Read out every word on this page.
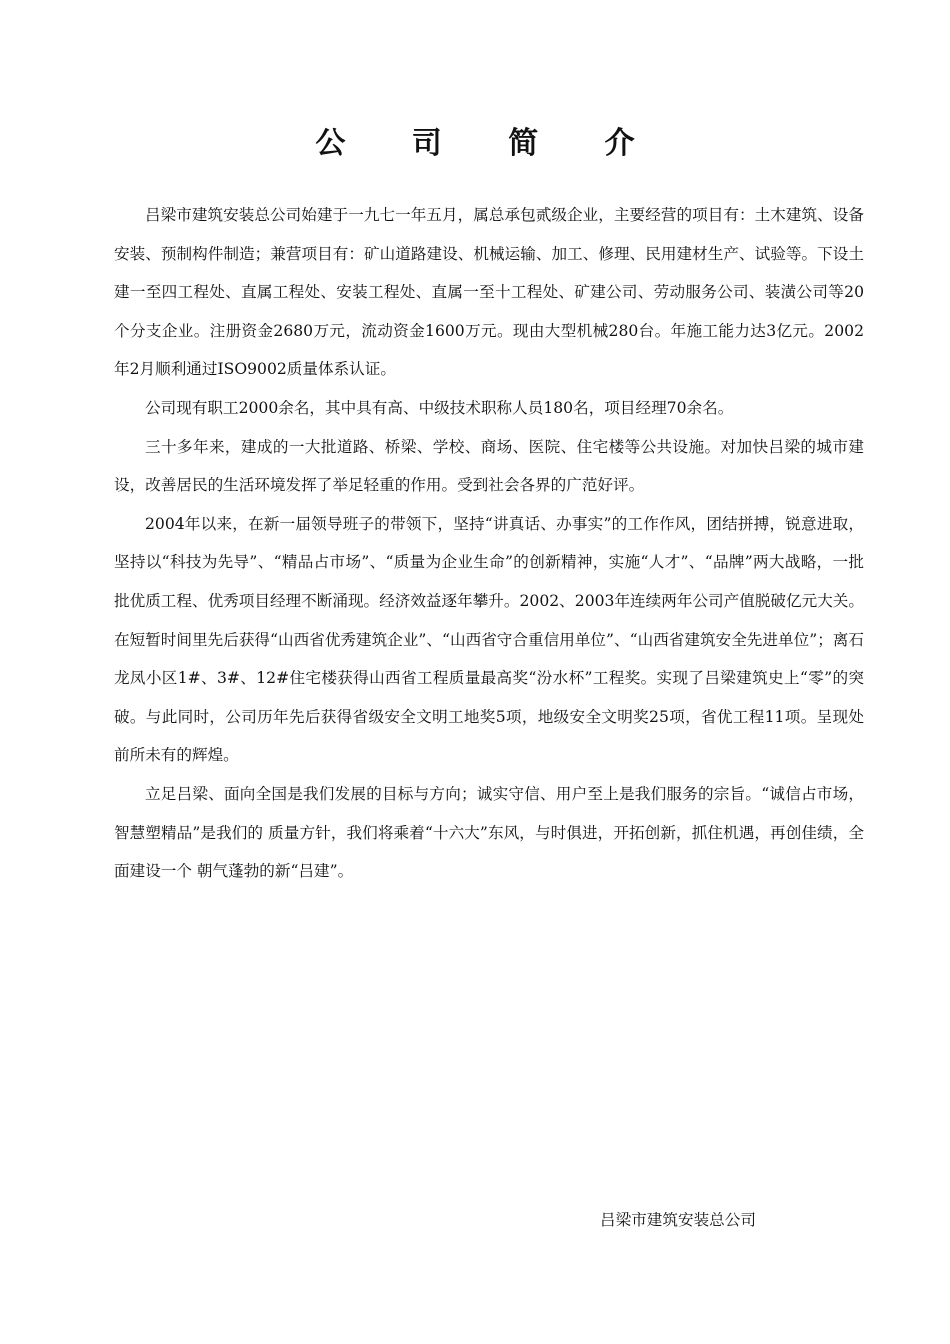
公 司 简 介

吕梁市建筑安装总公司始建于一九七一年五月，属总承包贰级企业，主要经营的项目有：土木建筑、设备安装、预制构件制造；兼营项目有：矿山道路建设、机械运输、加工、修理、民用建材生产、试验等。下设土建一至四工程处、直属工程处、安装工程处、直属一至十工程处、矿建公司、劳动服务公司、装潢公司等20个分支企业。注册资金2680万元，流动资金1600万元。现由大型机械280台。年施工能力达3亿元。2002年2月顺利通过ISO9002质量体系认证。

公司现有职工2000余名，其中具有高、中级技术职称人员180名，项目经理70余名。

三十多年来，建成的一大批道路、桥梁、学校、商场、医院、住宅楼等公共设施。对加快吕梁的城市建设，改善居民的生活环境发挥了举足轻重的作用。受到社会各界的广范好评。

2004年以来，在新一届领导班子的带领下，坚持“讲真话、办事实”的工作作风，团结拼搏，锐意进取，坚持以“科技为先导”、“精品占市场”、“质量为企业生命”的创新精神，实施“人才”、“品牌”两大战略，一批批优质工程、优秀项目经理不断涌现。经济效益逐年攀升。2002、2003年连续两年公司产值脱破亿元大关。在短暂时间里先后获得“山西省优秀建筑企业”、“山西省守合重信用单位”、“山西省建筑安全先进单位”；离石龙凤小区1#、3#、12#住宅楼获得山西省工程质量最高奖“汾水杯”工程奖。实现了吕梁建筑史上“零”的突破。与此同时，公司历年先后获得省级安全文明工地奖5项，地级安全文明奖25项，省优工程11项。呈现处前所未有的辉煌。

立足吕梁、面向全国是我们发展的目标与方向；诚实守信、用户至上是我们服务的宗旨。“诚信占市场，智慧塑精品”是我们的 质量方针，我们将乘着“十六大”东风，与时俱进，开拓创新，抓住机遇，再创佳绩，全面建设一个 朝气蓬勃的新“吕建”。

吕梁市建筑安装总公司
